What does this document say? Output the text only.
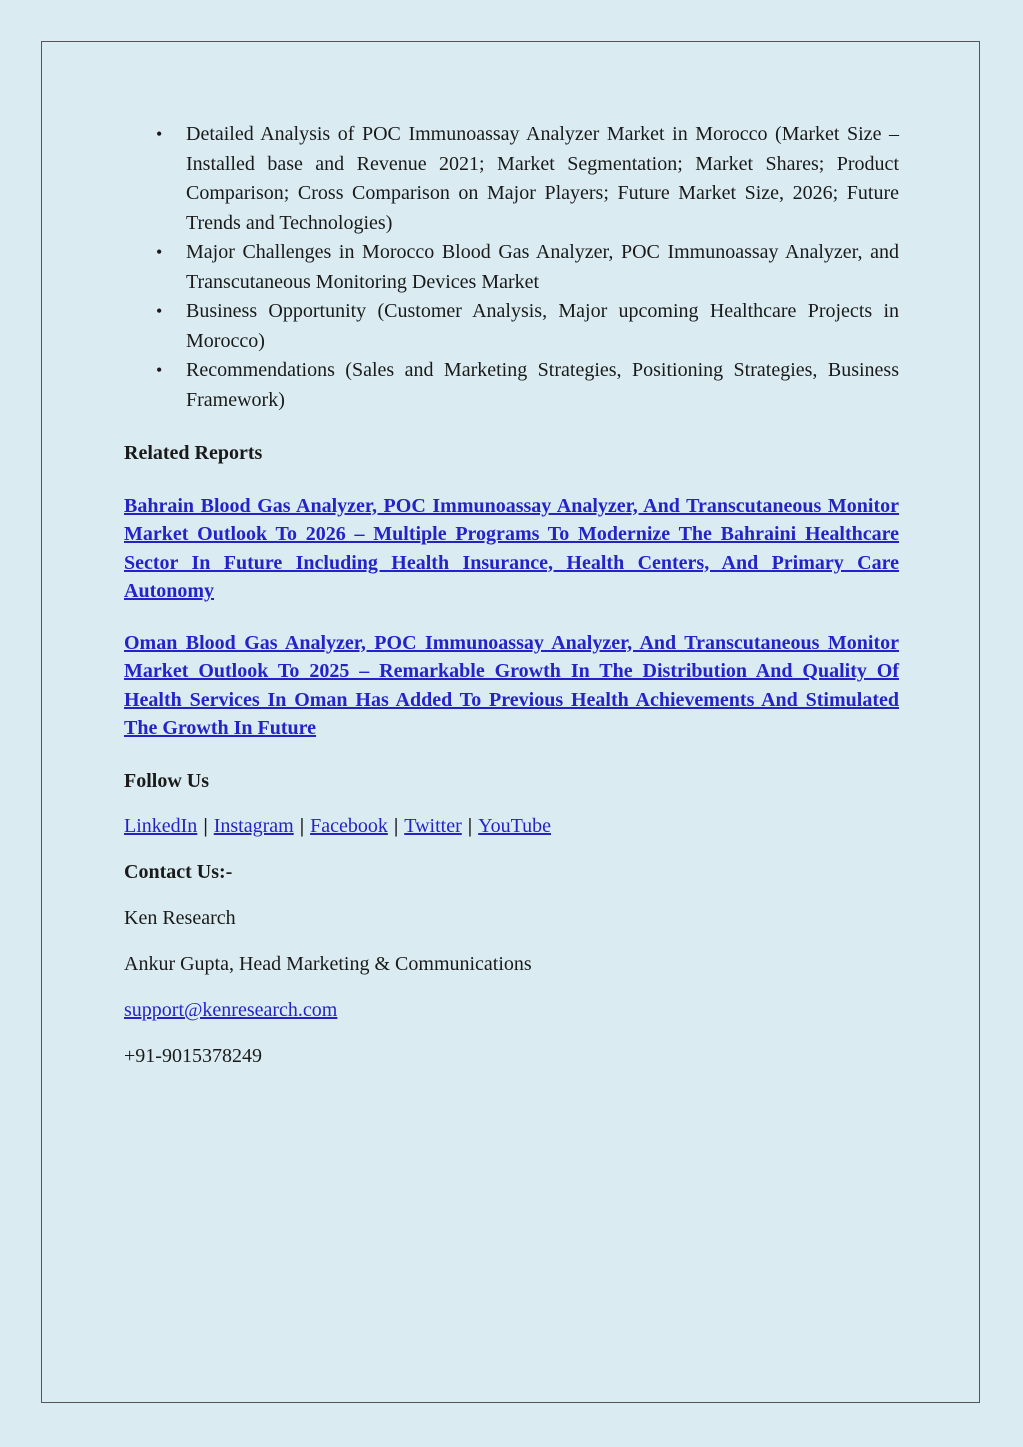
• Detailed Analysis of POC Immunoassay Analyzer Market in Morocco (Market Size – Installed base and Revenue 2021; Market Segmentation; Market Shares; Product Comparison; Cross Comparison on Major Players; Future Market Size, 2026; Future Trends and Technologies)
• Major Challenges in Morocco Blood Gas Analyzer, POC Immunoassay Analyzer, and Transcutaneous Monitoring Devices Market
• Business Opportunity (Customer Analysis, Major upcoming Healthcare Projects in Morocco)
• Recommendations (Sales and Marketing Strategies, Positioning Strategies, Business Framework)

Related Reports

Bahrain Blood Gas Analyzer, POC Immunoassay Analyzer, And Transcutaneous Monitor Market Outlook To 2026 – Multiple Programs To Modernize The Bahraini Healthcare Sector In Future Including Health Insurance, Health Centers, And Primary Care Autonomy
Oman Blood Gas Analyzer, POC Immunoassay Analyzer, And Transcutaneous Monitor Market Outlook To 2025 – Remarkable Growth In The Distribution And Quality Of Health Services In Oman Has Added To Previous Health Achievements And Stimulated The Growth In Future

Follow Us

LinkedIn | Instagram | Facebook | Twitter | YouTube

Contact Us:-

Ken Research

Ankur Gupta, Head Marketing & Communications

support@kenresearch.com

+91-9015378249
